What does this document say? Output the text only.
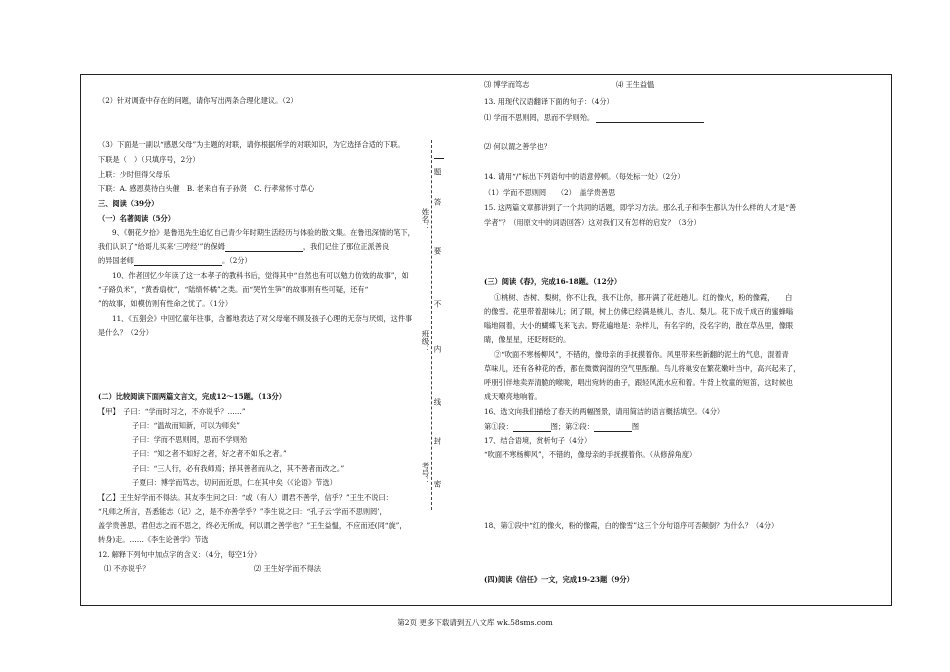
（2）针对调查中存在的问题，请你写出两条合理化建议。（2）
（3）下面是一副以“感恩父母”为主题的对联，请你根据所学的对联知识，为它选择合适的下联。
下联是（　）（只填序号，2分）
上联：少时但得父母乐
下联：A. 感恩莫待白头催　B. 老来自有子孙贤　C. 行孝常怀寸草心
三、阅读（39分）
（一）名著阅读（5分）
9、《朝花夕拾》是鲁迅先生追忆自己青少年时期生活经历与体验的散文集。在鲁迅深情的笔下，
我们认识了“给哥儿买来‘三哼经’”的保姆	，我们记住了那位正派善良
的异国老师	。（2分）
10、作者回忆少年读了这一本孝子的教科书后，觉得其中“自然也有可以勉力仿效的故事”，如
“子路负米”，“黄香扇枕”，“陆绩怀橘”之类。而“哭竹生笋”的故事则有些可疑，还有“
”的故事，如模仿则有性命之忧了。（1分）
11、《五猖会》中回忆童年往事，含蓄地表达了对父母毫不顾及孩子心理的无奈与厌烦，这件事
是什么？（2分）
(二）比较阅读下面两篇文言文，完成12～15题。（13分）
【甲】　子曰：“学而时习之，不亦说乎？……”
子曰：“温故而知新，可以为师矣”
子曰：学而不思则罔，思而不学则殆
子曰：“知之者不如好之者，好之者不如乐之者。”
子曰：“三人行，必有我师焉；择其善者而从之，其不善者而改之。”
子夏曰：博学而笃志，切问而近思，仁在其中矣（《论语》节选）
【乙】王生好学而不得法。其友李生问之曰：“或（有人）谓君不善学，信乎？”王生不说曰：
“凡师之所言，吾悉能志（记）之，是不亦善学乎？”李生说之曰：“孔子云‘学而不思则罔’，
盖学贵善思，君但志之而不思之，终必无所成，何以谓之善学也？”王生益愠，不应而还(同“旋”，
转身)走。……《李生论善学》节选
12. 解释下列句中加点字的含义：（4分，每空1分）
⑴ 不亦说乎？	⑵ 王生好学而不得法
题
答
要
不
内
线
封
密
姓名：
班级：
考号：
⑶ 博学而笃志	⑷ 王生益愠
13. 用现代汉语翻译下面的句子：（4分）
⑴ 学而不思则罔，思而不学则殆。
⑵ 何以谓之善学也？
14. 请用“/”标出下列语句中的语意停顿。（每处标一处）（2分）
（1）学而不思则罔　　（2）　盖学贵善思
15. 这两篇文章都讲到了一个共同的话题，即学习方法。那么孔子和李生都认为什么样的人才是“善
学者”？（用原文中的词语回答）这对我们又有怎样的启发？（3分）
(三）阅读《春》，完成16-18题。（12分）
①桃树、杏树、梨树，你不让我，我不让你，都开满了花赶趟儿。红的像火，粉的像霞，　　白
的像雪。花里带着甜味儿；闭了眼，树上仿佛已经满是桃儿、杏儿、梨儿。花下成千成百的蜜蜂嗡
嗡地闹着，大小的蝴蝶飞来飞去。野花遍地是：杂样儿，有名字的，没名字的，散在草丛里，像眼
睛，像星星，还眨呀眨的。
②“吹面不寒杨柳风”，不错的，像母亲的手抚摸着你。风里带来些新翻的泥土的气息，混着青
草味儿，还有各种花的香，都在微微润湿的空气里酝酿。鸟儿将巢安在繁花嫩叶当中，高兴起来了，
呼朋引伴地卖弄清脆的喉咙，唱出宛转的曲子，跟轻风流水应和着。牛背上牧童的短笛，这时候也
成天嘹亮地响着。
16、选文向我们描绘了春天的两幅图景，请用简洁的语言概括填空。（4分）
第①段：	图；第②段：	图
17、结合语境，赏析句子（4分）
“吹面不寒杨柳风”，不错的，像母亲的手抚摸着你。（从修辞角度）
18、第①段中“红的像火，粉的像霞，白的像雪”这三个分句语序可否颠倒？为什么？（4分）
(四)阅读《信任》一文，完成19-23题（9分）
第2页 更多下载请到五八文库 wk.58sms.com
